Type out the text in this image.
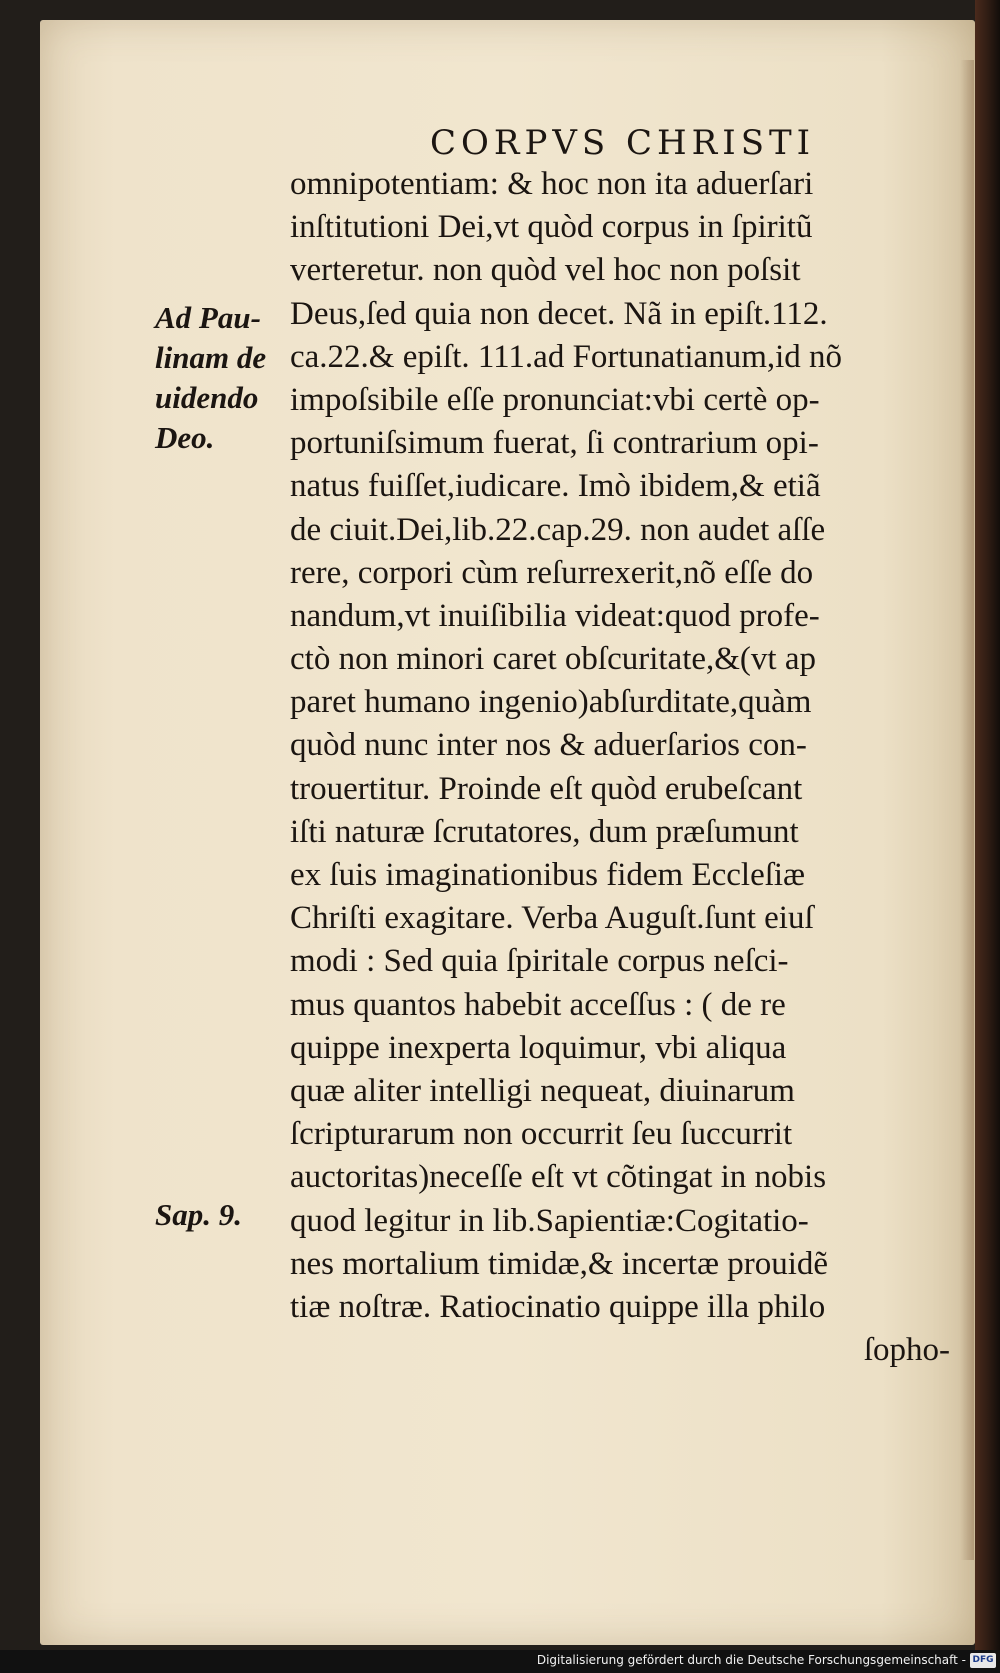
CORPVS CHRISTI
omnipotentiam: & hoc non ita aduerſari
inſtitutioni Dei,vt quòd corpus in ſpiritũ
verteretur. non quòd vel hoc non poſsit
Deus,ſed quia non decet. Nã in epiſt.112.
ca.22.& epiſt. 111.ad Fortunatianum,id nõ
impoſsibile eſſe pronunciat:vbi certè op-
portuniſsimum fuerat, ſi contrarium opi-
natus fuiſſet,iudicare. Imò ibidem,& etiã
de ciuit.Dei,lib.22.cap.29. non audet aſſe
rere, corpori cùm reſurrexerit,nõ eſſe do
nandum,vt inuiſibilia videat:quod profe-
ctò non minori caret obſcuritate,&(vt ap
paret humano ingenio)abſurditate,quàm
quòd nunc inter nos & aduerſarios con-
trouertitur. Proinde eſt quòd erubeſcant
iſti naturæ ſcrutatores, dum præſumunt
ex ſuis imaginationibus fidem Eccleſiæ
Chriſti exagitare. Verba Auguſt.ſunt eiuſ
modi : Sed quia ſpiritale corpus neſci-
mus quantos habebit acceſſus : ( de re
quippe inexperta loquimur, vbi aliqua
quæ aliter intelligi nequeat, diuinarum
ſcripturarum non occurrit ſeu ſuccurrit
auctoritas)neceſſe eſt vt cõtingat in nobis
quod legitur in lib.Sapientiæ:Cogitatio-
nes mortalium timidæ,& incertæ prouidẽ
tiæ noſtræ. Ratiocinatio quippe illa philo
ſopho-
Ad Pau-
linam de
uidendo
Deo.
Sap. 9.
Digitalisierung gefördert durch die Deutsche Forschungsgemeinschaft - DFG
